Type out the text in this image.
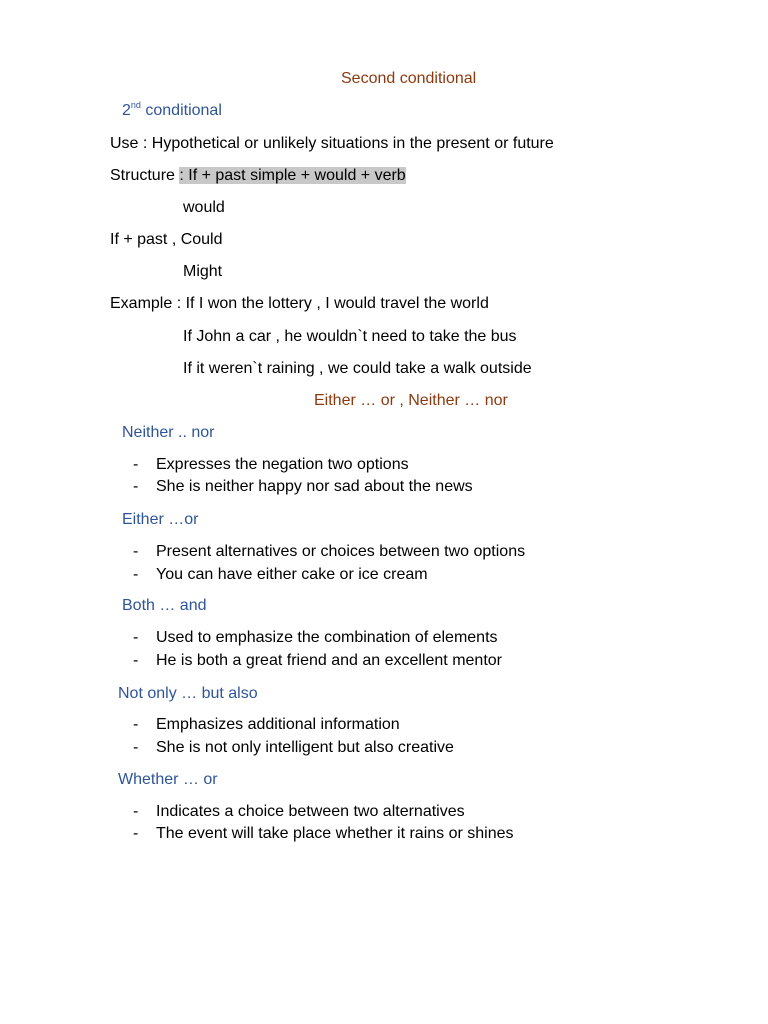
Second conditional
2nd conditional
Use : Hypothetical or unlikely situations in the present or future
Structure : If + past simple + would + verb
would
If + past , Could
Might
Example : If I won the lottery , I would travel the world
If John a car , he wouldn`t need to take the bus
If it weren`t raining , we could take a walk outside
Either … or , Neither … nor
Neither .. nor
- Expresses the negation two options
- She is neither happy nor sad about the news
Either …or
- Present alternatives or choices between two options
- You can have either cake or ice cream
Both … and
- Used to emphasize the combination of elements
- He is both a great friend and an excellent mentor
Not only … but also
- Emphasizes additional information
- She is not only intelligent but also creative
Whether … or
- Indicates a choice between two alternatives
- The event will take place whether it rains or shines
